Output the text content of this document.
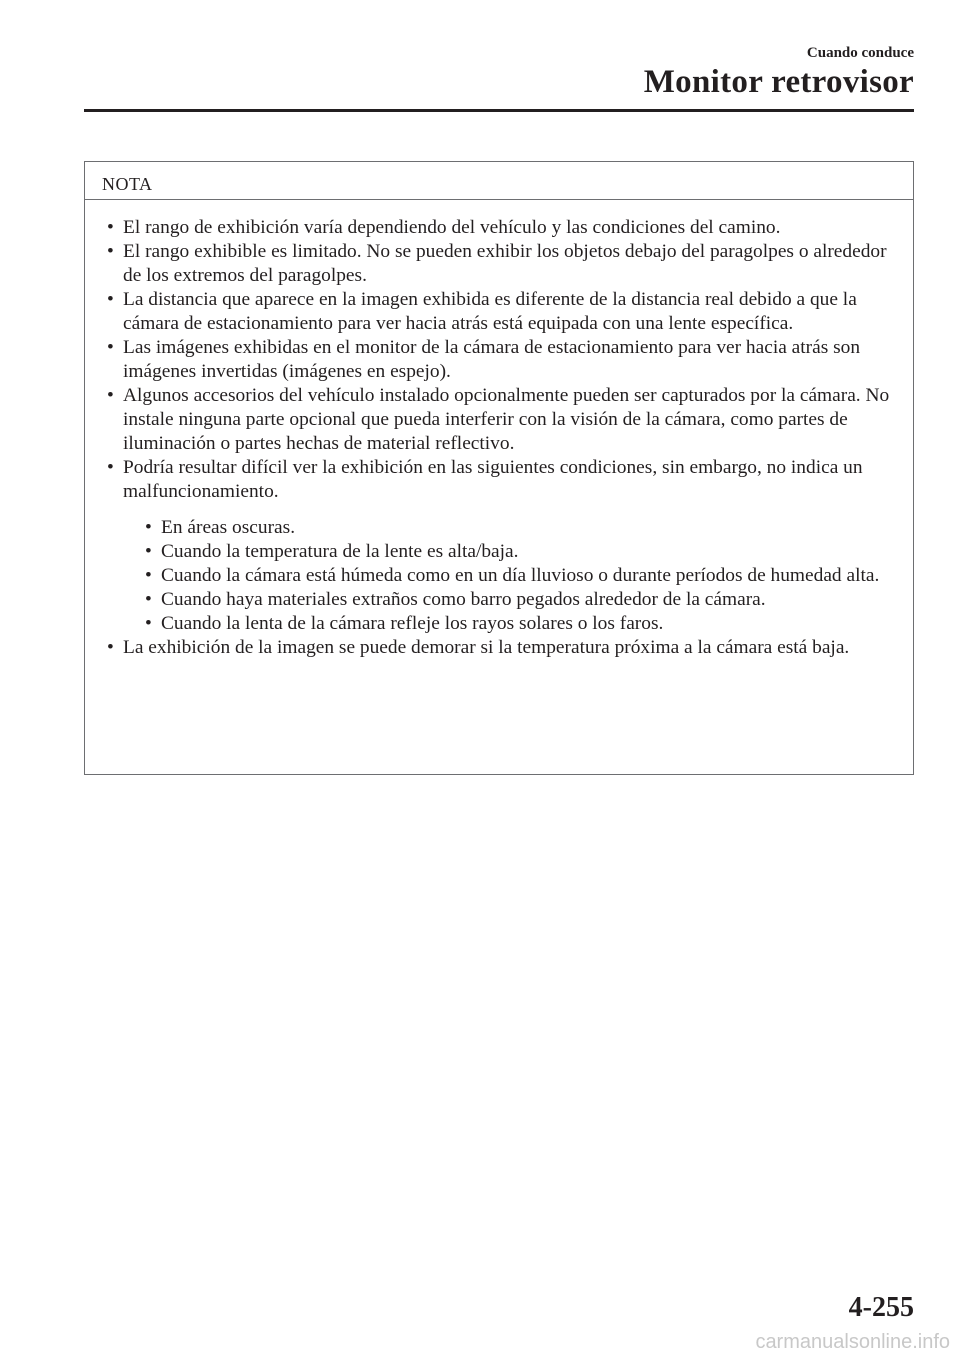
Cuando conduce
Monitor retrovisor
NOTA
• El rango de exhibición varía dependiendo del vehículo y las condiciones del camino.
• El rango exhibible es limitado. No se pueden exhibir los objetos debajo del paragolpes o alrededor de los extremos del paragolpes.
• La distancia que aparece en la imagen exhibida es diferente de la distancia real debido a que la cámara de estacionamiento para ver hacia atrás está equipada con una lente específica.
• Las imágenes exhibidas en el monitor de la cámara de estacionamiento para ver hacia atrás son imágenes invertidas (imágenes en espejo).
• Algunos accesorios del vehículo instalado opcionalmente pueden ser capturados por la cámara. No instale ninguna parte opcional que pueda interferir con la visión de la cámara, como partes de iluminación o partes hechas de material reflectivo.
• Podría resultar difícil ver la exhibición en las siguientes condiciones, sin embargo, no indica un malfuncionamiento.
• En áreas oscuras.
• Cuando la temperatura de la lente es alta/baja.
• Cuando la cámara está húmeda como en un día lluvioso o durante períodos de humedad alta.
• Cuando haya materiales extraños como barro pegados alrededor de la cámara.
• Cuando la lenta de la cámara refleje los rayos solares o los faros.
• La exhibición de la imagen se puede demorar si la temperatura próxima a la cámara está baja.
4-255
carmanualsonline.info
